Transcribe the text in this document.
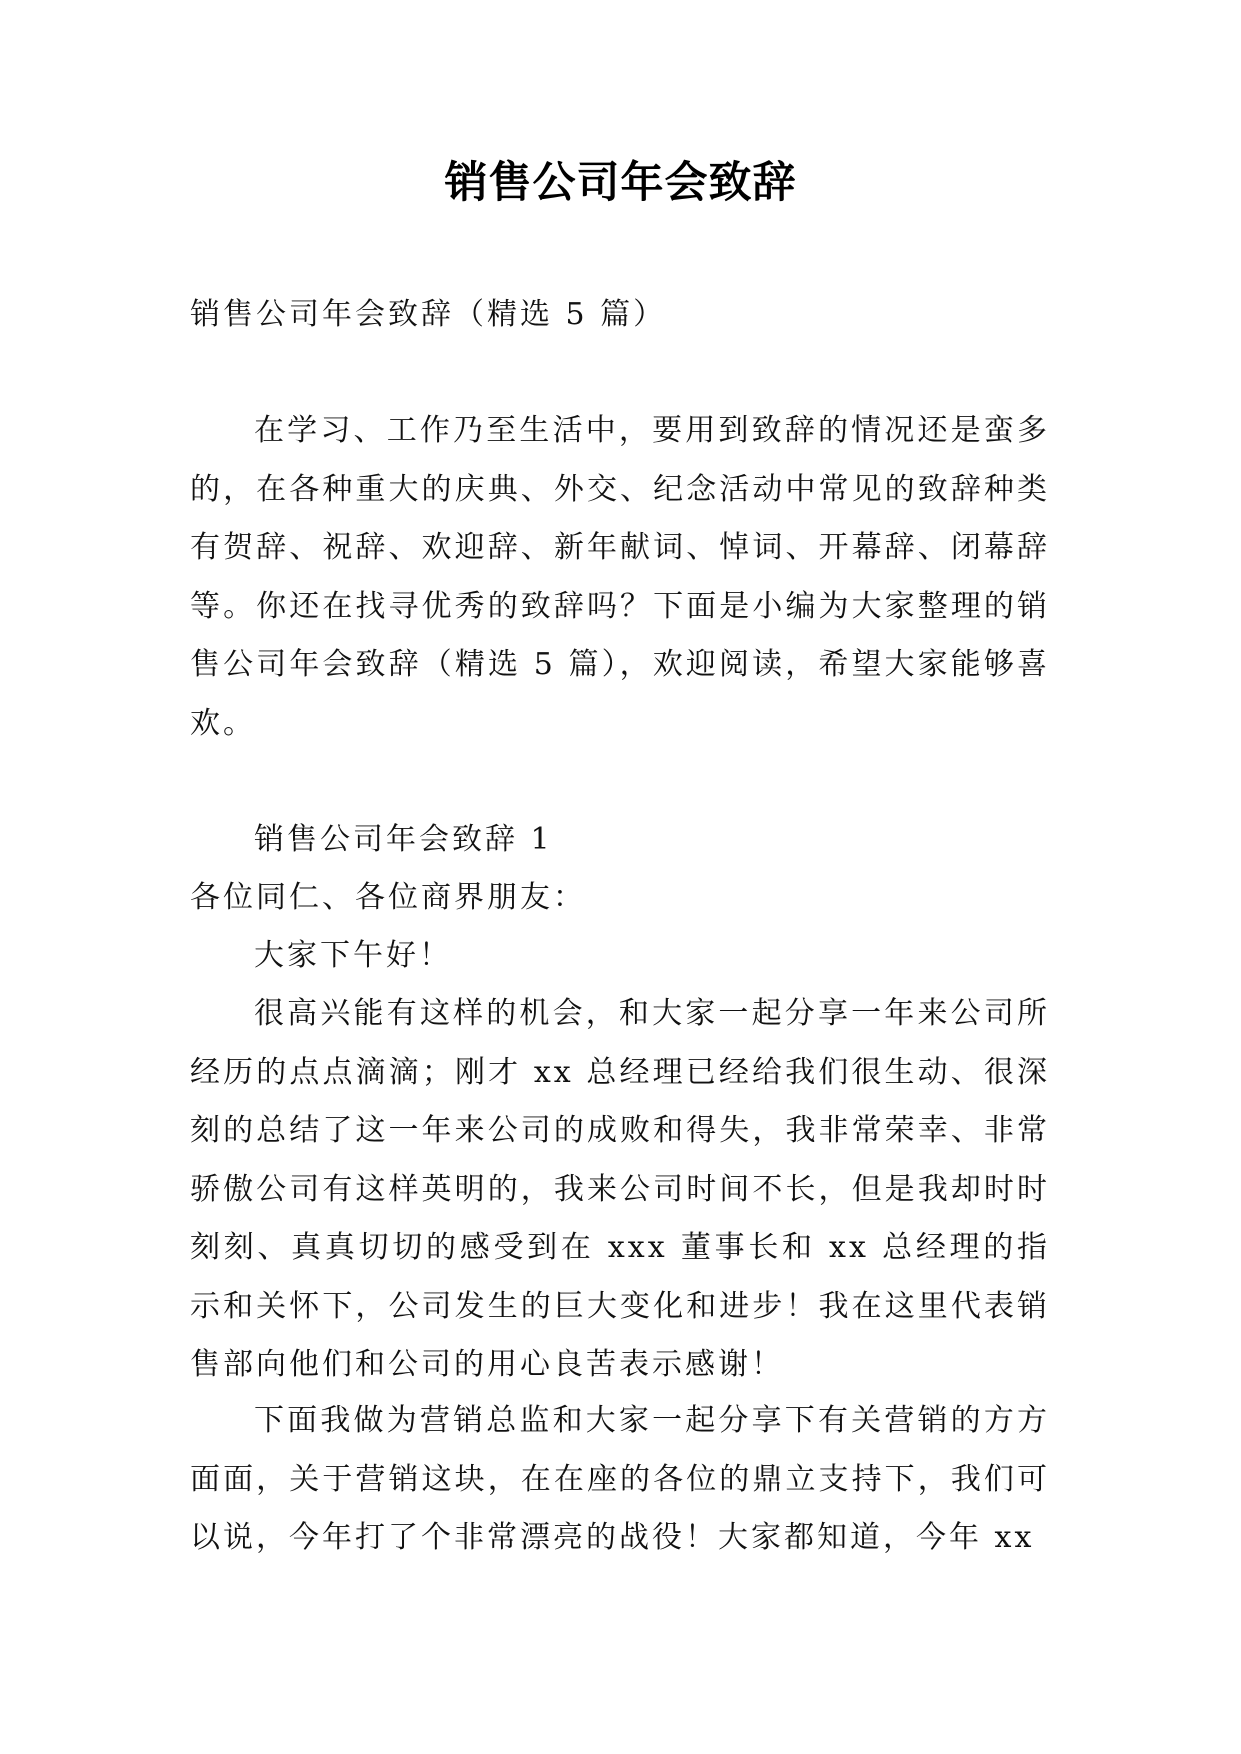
销售公司年会致辞

销售公司年会致辞（精选 5 篇）

在学习、工作乃至生活中，要用到致辞的情况还是蛮多的，在各种重大的庆典、外交、纪念活动中常见的致辞种类有贺辞、祝辞、欢迎辞、新年献词、悼词、开幕辞、闭幕辞等。你还在找寻优秀的致辞吗？下面是小编为大家整理的销售公司年会致辞（精选 5 篇），欢迎阅读，希望大家能够喜欢。

销售公司年会致辞 1

各位同仁、各位商界朋友：

大家下午好！

很高兴能有这样的机会，和大家一起分享一年来公司所经历的点点滴滴；刚才 xx 总经理已经给我们很生动、很深刻的总结了这一年来公司的成败和得失，我非常荣幸、非常骄傲公司有这样英明的，我来公司时间不长，但是我却时时刻刻、真真切切的感受到在 xxx 董事长和 xx 总经理的指示和关怀下，公司发生的巨大变化和进步！我在这里代表销售部向他们和公司的用心良苦表示感谢！

下面我做为营销总监和大家一起分享下有关营销的方方面面，关于营销这块，在在座的各位的鼎立支持下，我们可以说，今年打了个非常漂亮的战役！大家都知道，今年 xx
